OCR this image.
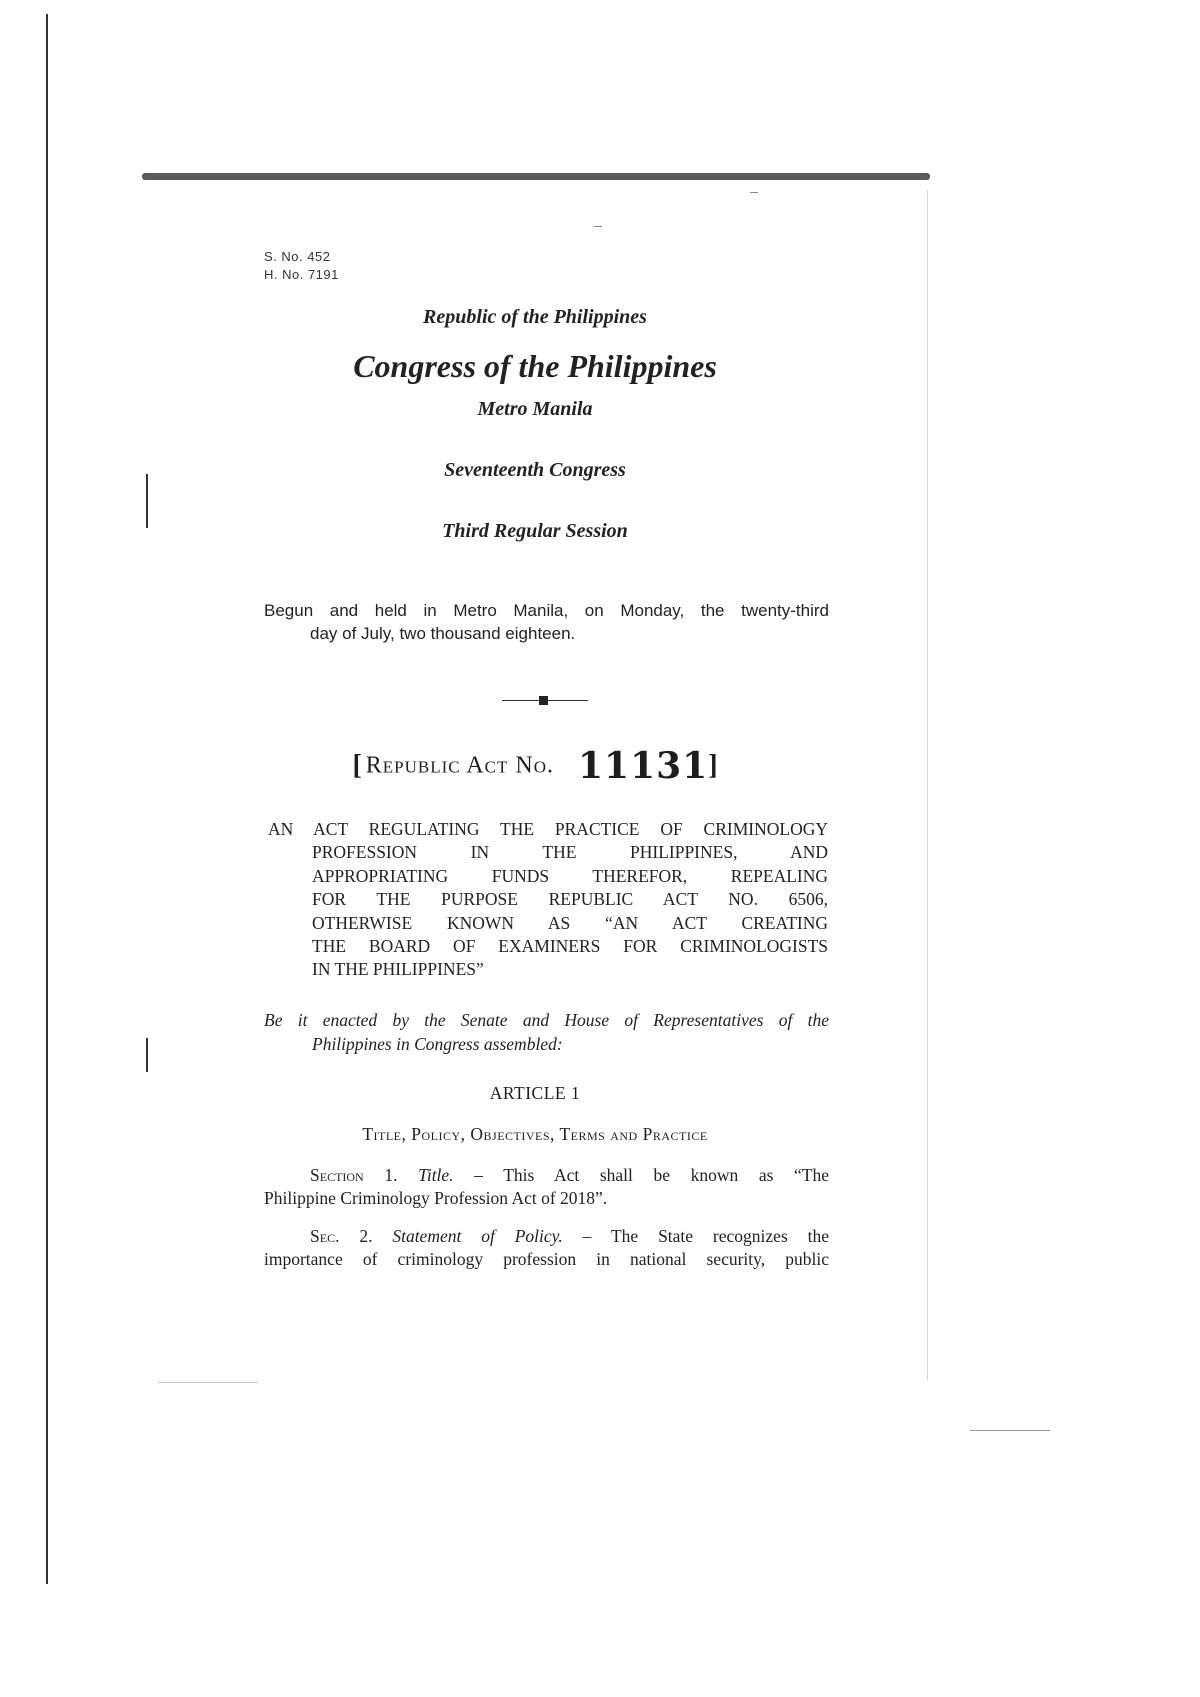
S. No. 452
H. No. 7191
Republic of the Philippines
Congress of the Philippines
Metro Manila
Seventeenth Congress
Third Regular Session
Begun and held in Metro Manila, on Monday, the twenty-third
day of July, two thousand eighteen.
[ Republic Act No. 11131]
AN ACT REGULATING THE PRACTICE OF CRIMINOLOGY
PROFESSION IN THE PHILIPPINES, AND
APPROPRIATING FUNDS THEREFOR, REPEALING
FOR THE PURPOSE REPUBLIC ACT NO. 6506,
OTHERWISE KNOWN AS “AN ACT CREATING
THE BOARD OF EXAMINERS FOR CRIMINOLOGISTS
IN THE PHILIPPINES”
Be it enacted by the Senate and House of Representatives of the
Philippines in Congress assembled:
ARTICLE 1
Title, Policy, Objectives, Terms and Practice
Section 1. Title. – This Act shall be known as “The
Philippine Criminology Profession Act of 2018”.
Sec. 2. Statement of Policy. – The State recognizes the
importance of criminology profession in national security, public
